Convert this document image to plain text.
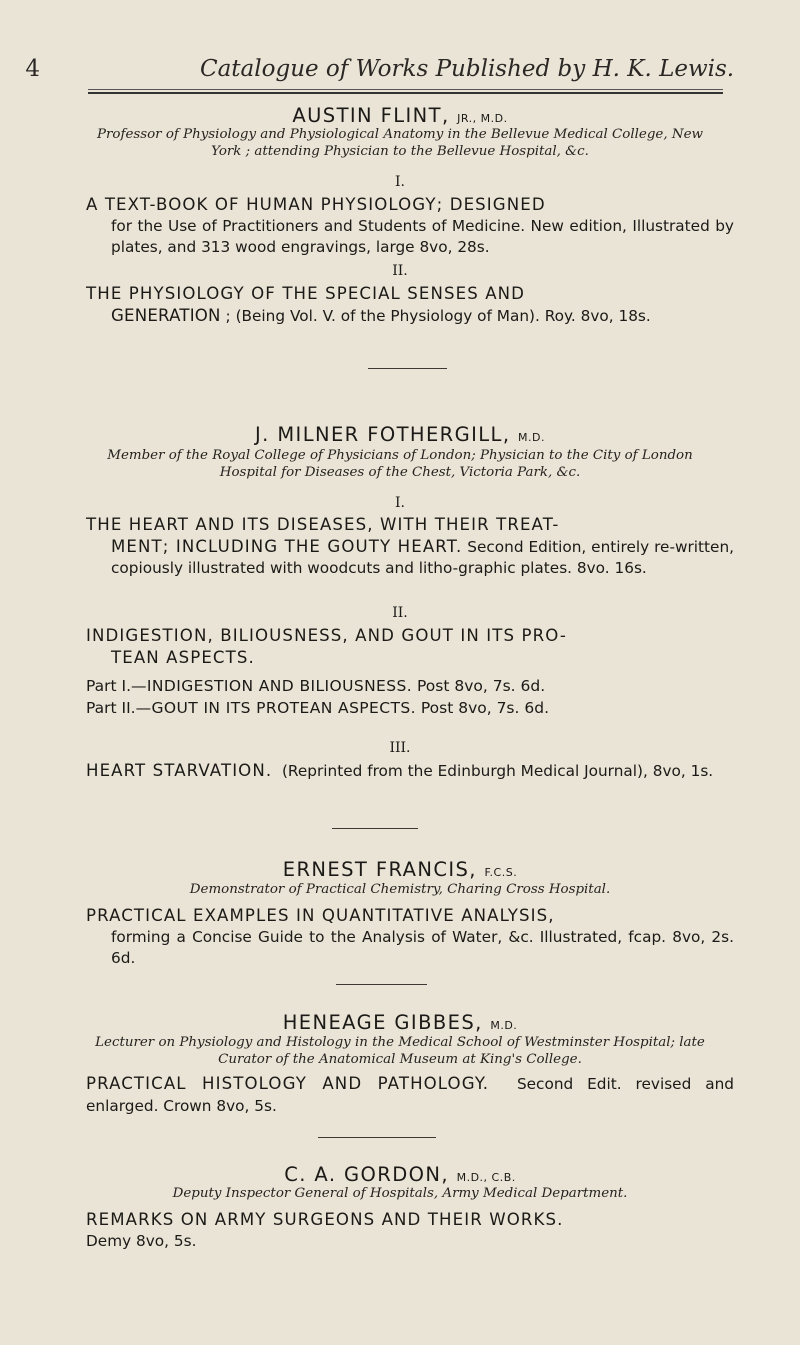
4	Catalogue of Works Published by H. K. Lewis.
AUSTIN FLINT, JR., M.D.
Professor of Physiology and Physiological Anatomy in the Bellevue Medical College, New
York ; attending Physician to the Bellevue Hospital, &c.
I.
A TEXT-BOOK OF HUMAN PHYSIOLOGY; DESIGNED
for the Use of Practitioners and Students of Medicine. New edition, Illustrated by plates, and 313 wood engravings, large 8vo, 28s.
II.
THE PHYSIOLOGY OF THE SPECIAL SENSES AND
GENERATION ; (Being Vol. V. of the Physiology of Man). Roy. 8vo, 18s.
J. MILNER FOTHERGILL, M.D.
Member of the Royal College of Physicians of London; Physician to the City of London
Hospital for Diseases of the Chest, Victoria Park, &c.
I.
THE HEART AND ITS DISEASES, WITH THEIR TREAT-
MENT; INCLUDING THE GOUTY HEART. Second Edition, entirely re-written, copiously illustrated with woodcuts and litho-graphic plates. 8vo. 16s.
II.
INDIGESTION, BILIOUSNESS, AND GOUT IN ITS PRO-
TEAN ASPECTS.
Part I.—INDIGESTION AND BILIOUSNESS. Post 8vo, 7s. 6d.
Part II.—GOUT IN ITS PROTEAN ASPECTS. Post 8vo, 7s. 6d.
III.
HEART STARVATION. (Reprinted from the Edinburgh Medical Journal), 8vo, 1s.
ERNEST FRANCIS, F.C.S.
Demonstrator of Practical Chemistry, Charing Cross Hospital.
PRACTICAL EXAMPLES IN QUANTITATIVE ANALYSIS,
forming a Concise Guide to the Analysis of Water, &c. Illustrated, fcap. 8vo, 2s. 6d.
HENEAGE GIBBES, M.D.
Lecturer on Physiology and Histology in the Medical School of Westminster Hospital; late
Curator of the Anatomical Museum at King's College.
PRACTICAL HISTOLOGY AND PATHOLOGY. Second Edit. revised and enlarged. Crown 8vo, 5s.
C. A. GORDON, M.D., C.B.
Deputy Inspector General of Hospitals, Army Medical Department.
REMARKS ON ARMY SURGEONS AND THEIR WORKS.
Demy 8vo, 5s.
